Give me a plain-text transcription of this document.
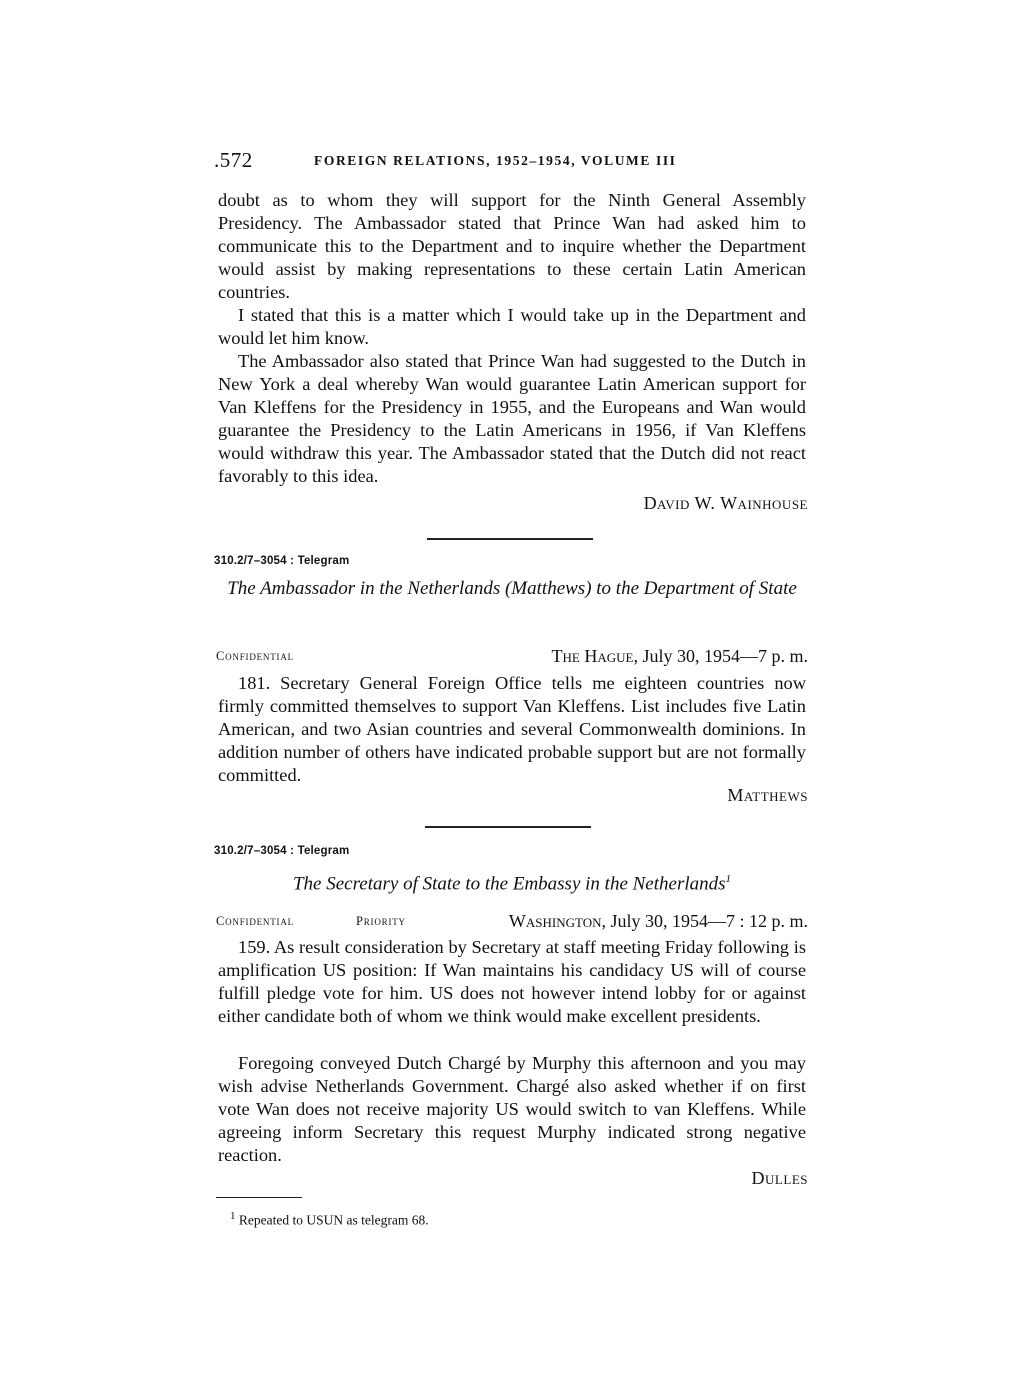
.572	FOREIGN RELATIONS, 1952–1954, VOLUME III

doubt as to whom they will support for the Ninth General Assembly Presidency. The Ambassador stated that Prince Wan had asked him to communicate this to the Department and to inquire whether the Department would assist by making representations to these certain Latin American countries.

I stated that this is a matter which I would take up in the Department and would let him know.

The Ambassador also stated that Prince Wan had suggested to the Dutch in New York a deal whereby Wan would guarantee Latin American support for Van Kleffens for the Presidency in 1955, and the Europeans and Wan would guarantee the Presidency to the Latin Americans in 1956, if Van Kleffens would withdraw this year. The Ambassador stated that the Dutch did not react favorably to this idea.

David W. Wainhouse
310.2/7–3054 : Telegram
The Ambassador in the Netherlands (Matthews) to the Department of State
Confidential	The Hague, July 30, 1954—7 p. m.

181. Secretary General Foreign Office tells me eighteen countries now firmly committed themselves to support Van Kleffens. List includes five Latin American, and two Asian countries and several Commonwealth dominions. In addition number of others have indicated probable support but are not formally committed.

Matthews
310.2/7–3054 : Telegram
The Secretary of State to the Embassy in the Netherlands$^1$
Confidential	Priority	Washington, July 30, 1954—7 : 12 p. m.

159. As result consideration by Secretary at staff meeting Friday following is amplification US position: If Wan maintains his candidacy US will of course fulfill pledge vote for him. US does not however intend lobby for or against either candidate both of whom we think would make excellent presidents.

Foregoing conveyed Dutch Chargé by Murphy this afternoon and you may wish advise Netherlands Government. Chargé also asked whether if on first vote Wan does not receive majority US would switch to van Kleffens. While agreeing inform Secretary this request Murphy indicated strong negative reaction.

Dulles
$^1$ Repeated to USUN as telegram 68.
